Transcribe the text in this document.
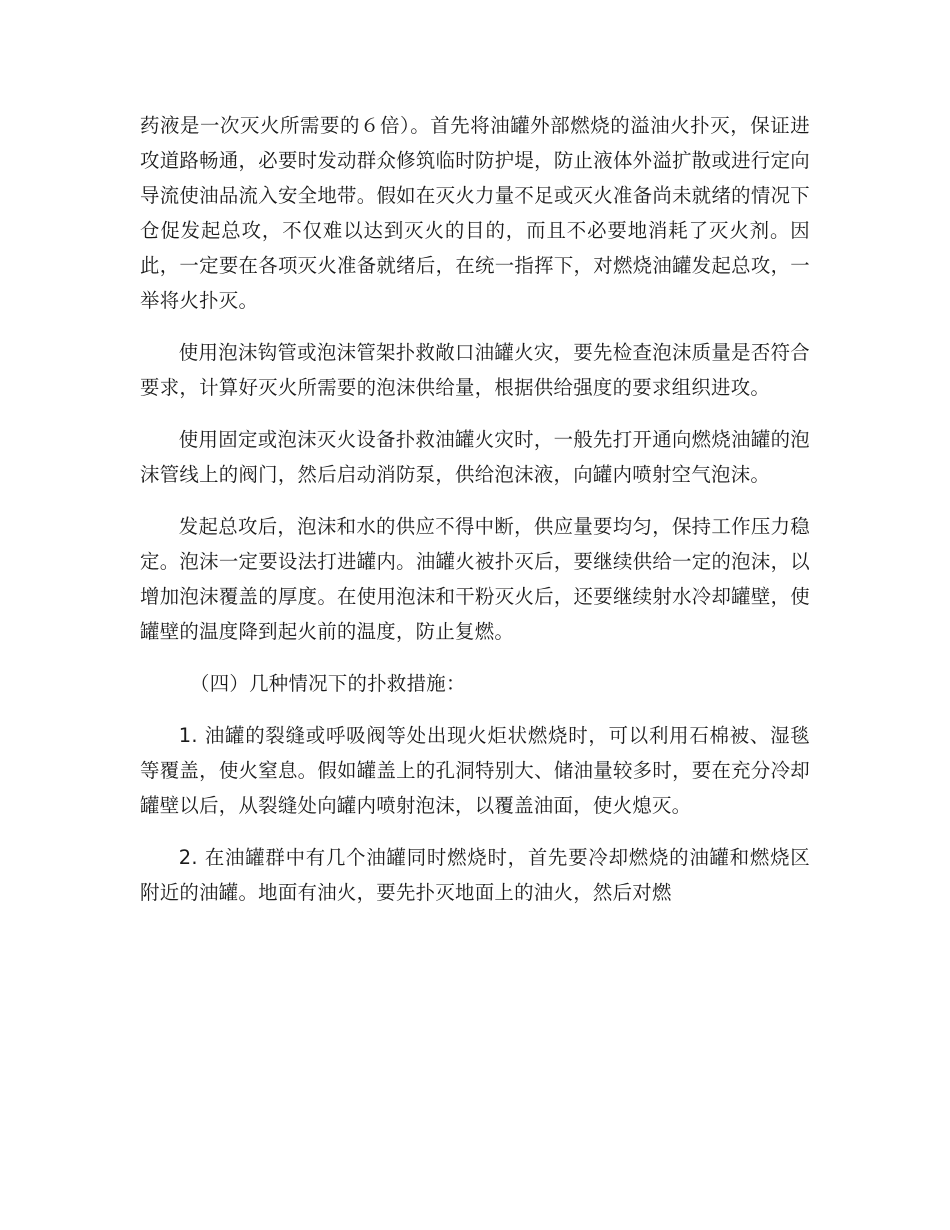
药液是一次灭火所需要的６倍）。首先将油罐外部燃烧的溢油火扑灭，保证进攻道路畅通，必要时发动群众修筑临时防护堤，防止液体外溢扩散或进行定向导流使油品流入安全地带。假如在灭火力量不足或灭火准备尚未就绪的情况下仓促发起总攻，不仅难以达到灭火的目的，而且不必要地消耗了灭火剂。因此，一定要在各项灭火准备就绪后，在统一指挥下，对燃烧油罐发起总攻，一举将火扑灭。

使用泡沫钩管或泡沫管架扑救敞口油罐火灾，要先检查泡沫质量是否符合要求，计算好灭火所需要的泡沫供给量，根据供给强度的要求组织进攻。

使用固定或泡沫灭火设备扑救油罐火灾时，一般先打开通向燃烧油罐的泡沫管线上的阀门，然后启动消防泵，供给泡沫液，向罐内喷射空气泡沫。

发起总攻后，泡沫和水的供应不得中断，供应量要均匀，保持工作压力稳定。泡沫一定要设法打进罐内。油罐火被扑灭后，要继续供给一定的泡沫，以增加泡沫覆盖的厚度。在使用泡沫和干粉灭火后，还要继续射水冷却罐壁，使罐壁的温度降到起火前的温度，防止复燃。

（四）几种情况下的扑救措施：

1. 油罐的裂缝或呼吸阀等处出现火炬状燃烧时，可以利用石棉被、湿毯等覆盖，使火窒息。假如罐盖上的孔洞特别大、储油量较多时，要在充分冷却罐壁以后，从裂缝处向罐内喷射泡沫，以覆盖油面，使火熄灭。

2. 在油罐群中有几个油罐同时燃烧时，首先要冷却燃烧的油罐和燃烧区附近的油罐。地面有油火，要先扑灭地面上的油火，然后对燃
